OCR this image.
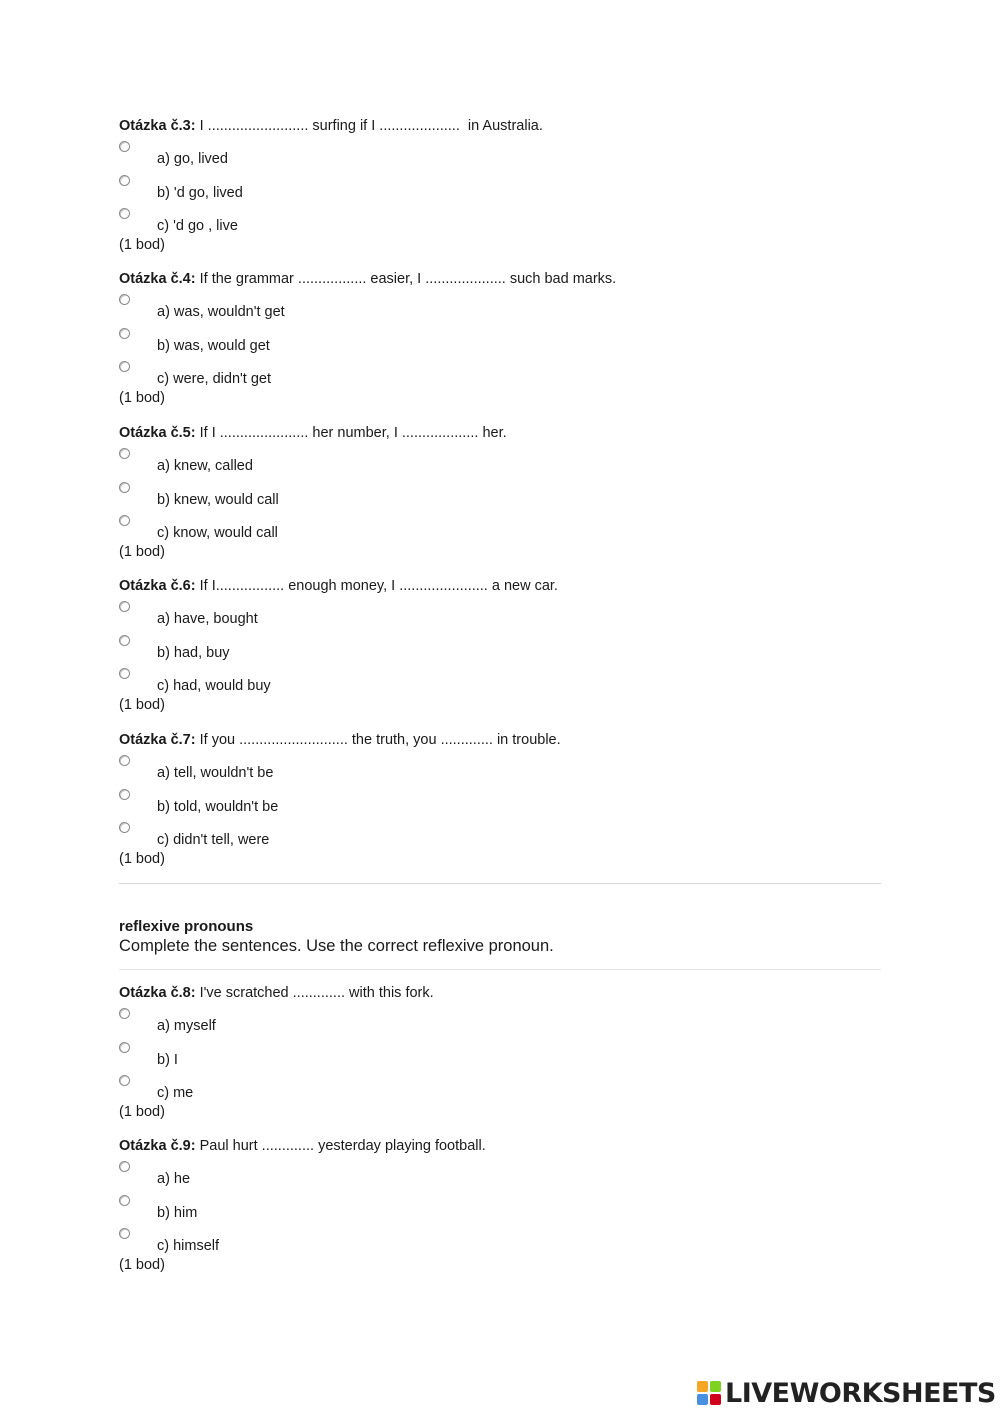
Otázka č.3: I ......................... surfing if I ....................  in Australia.
a) go, lived
b) 'd go, lived
c) 'd go , live
(1 bod)
Otázka č.4: If the grammar ................. easier, I .................... such bad marks.
a) was, wouldn't get
b) was, would get
c) were, didn't get
(1 bod)
Otázka č.5: If I ...................... her number, I ................... her.
a) knew, called
b) knew, would call
c) know, would call
(1 bod)
Otázka č.6: If I................. enough money, I ...................... a new car.
a) have, bought
b) had, buy
c) had, would buy
(1 bod)
Otázka č.7: If you ........................... the truth, you ............. in trouble.
a) tell, wouldn't be
b) told, wouldn't be
c) didn't tell, were
(1 bod)
reflexive pronouns
Complete the sentences. Use the correct reflexive pronoun.
Otázka č.8: I've scratched ............. with this fork.
a) myself
b) I
c) me
(1 bod)
Otázka č.9: Paul hurt ............. yesterday playing football.
a) he
b) him
c) himself
(1 bod)
LIVEWORKSHEETS
